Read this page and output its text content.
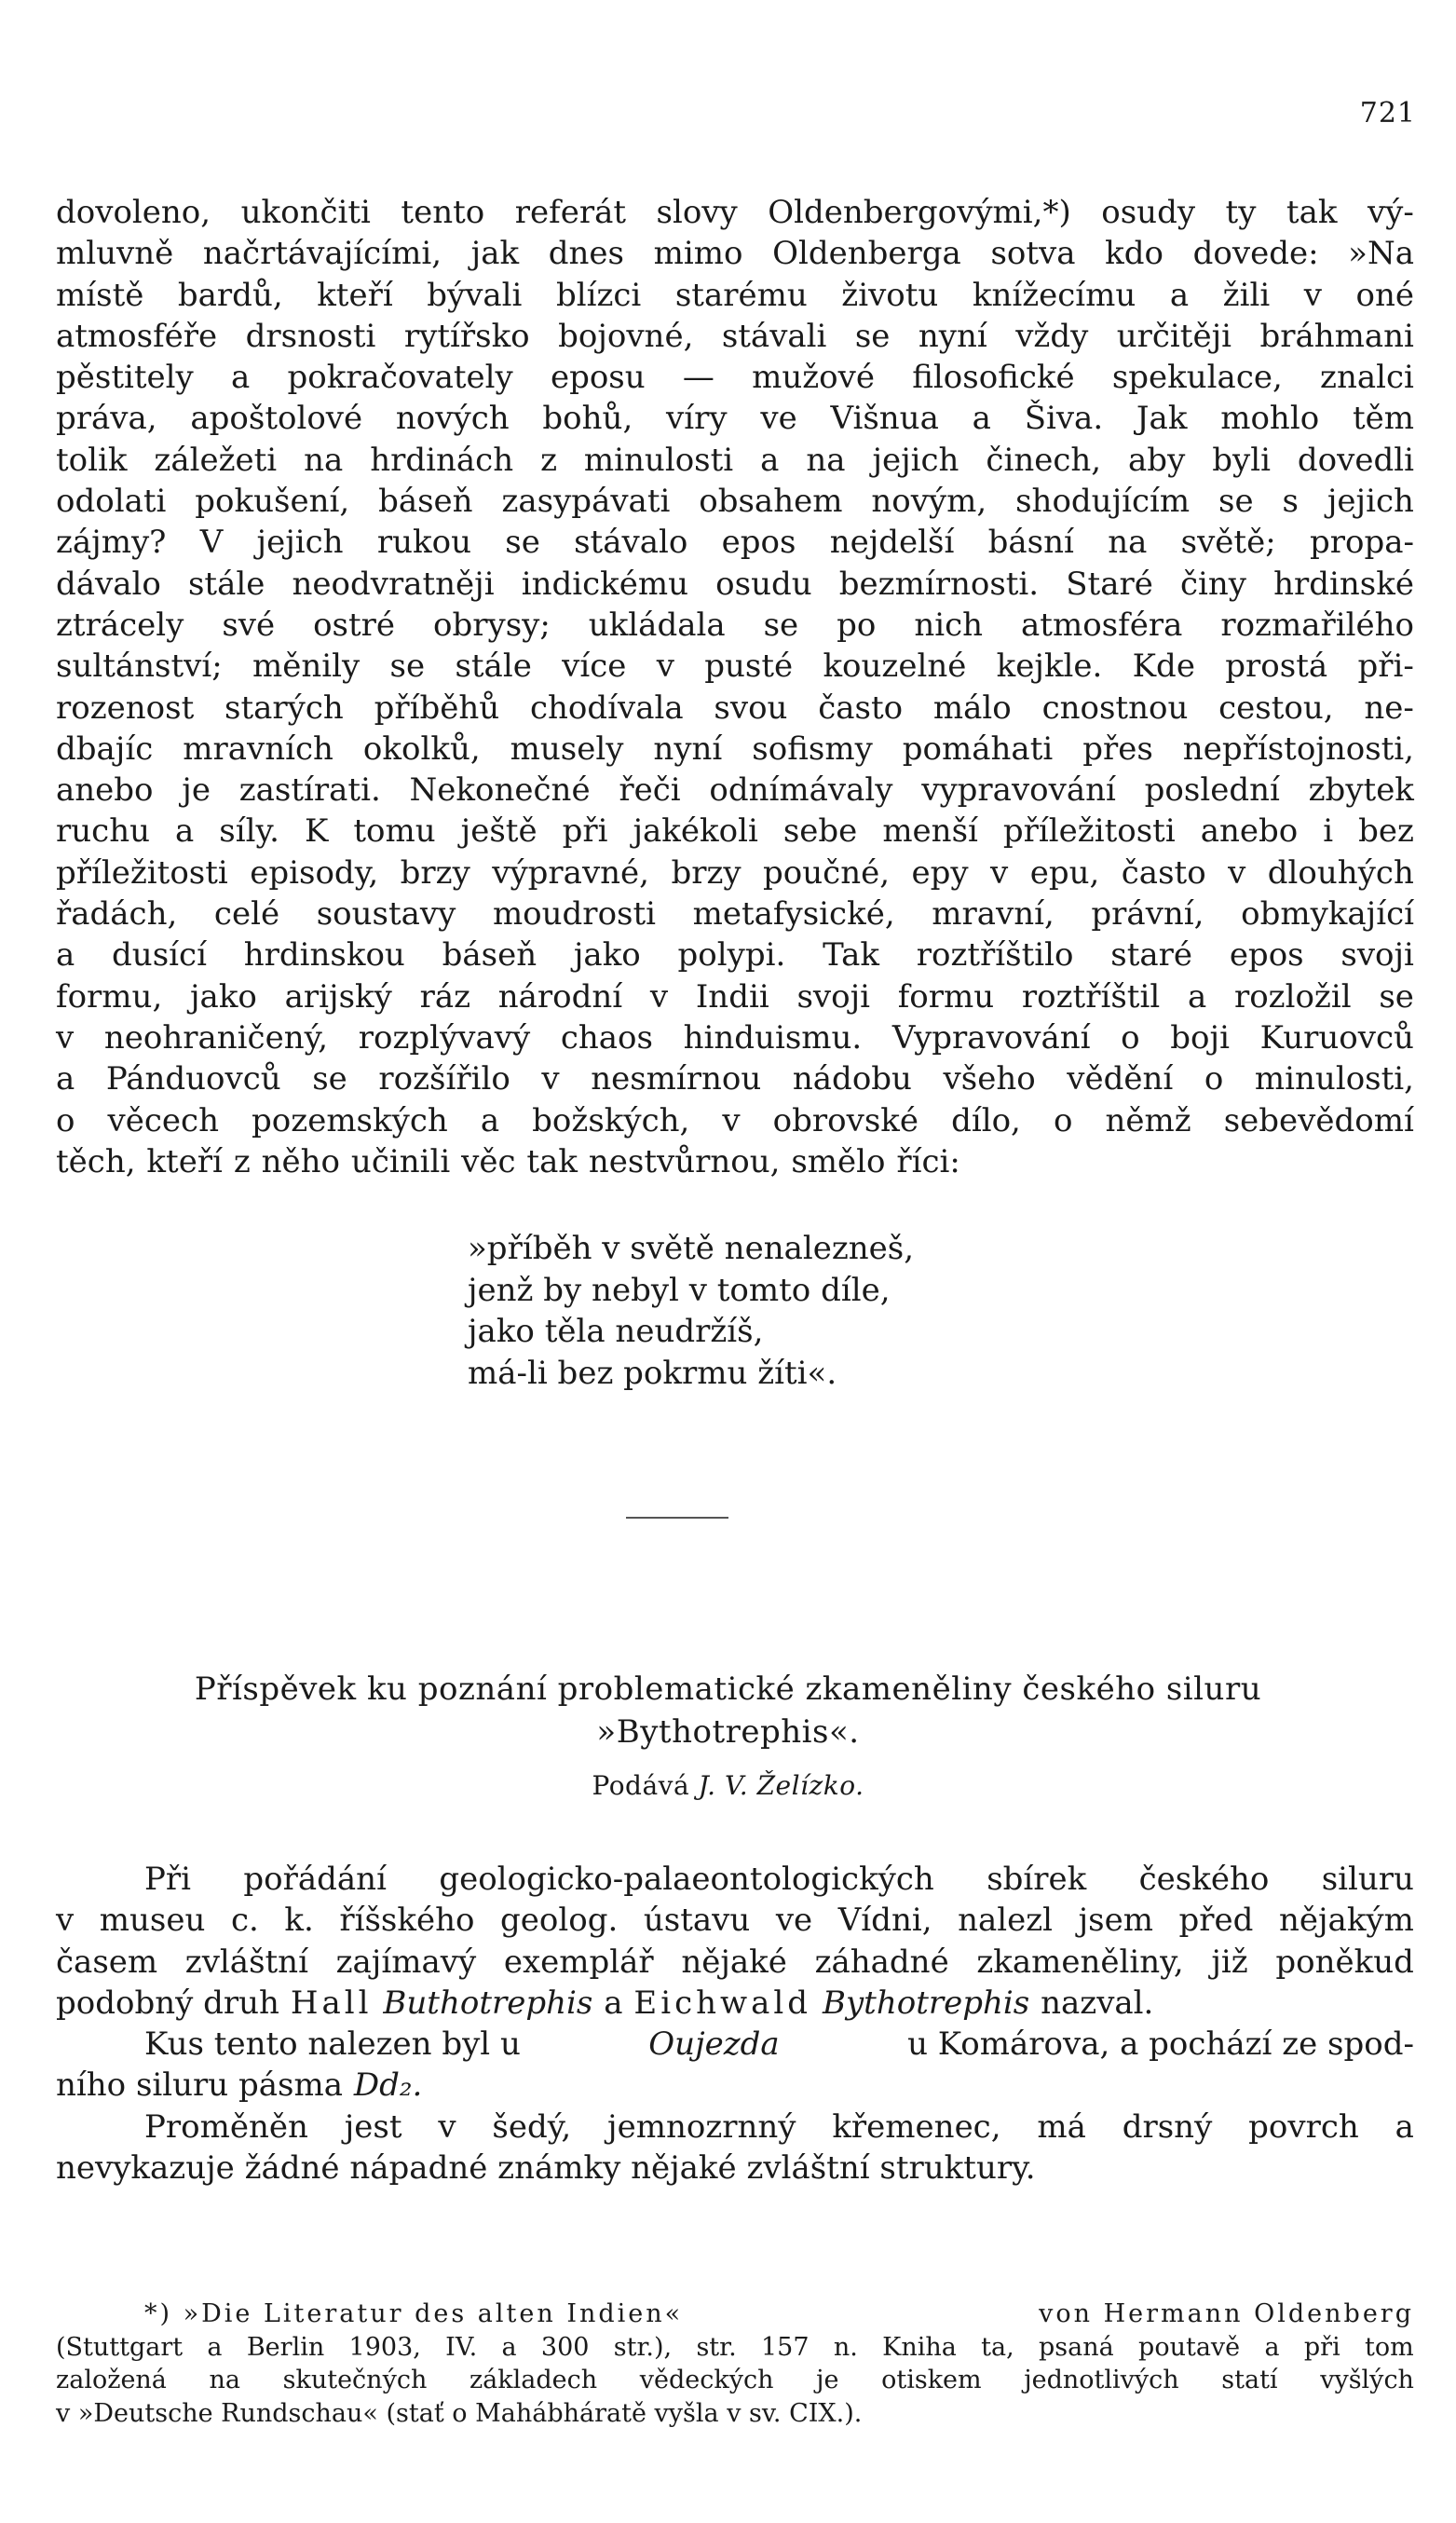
721
dovoleno, ukončiti tento referát slovy Oldenbergovými,*) osudy ty tak vý-
mluvně načrtávajícími, jak dnes mimo Oldenberga sotva kdo dovede: »Na
místě bardů, kteří bývali blízci starému životu knížecímu a žili v oné
atmosféře drsnosti rytířsko bojovné, stávali se nyní vždy určitěji bráhmani
pěstitely a pokračovately eposu — mužové filosofické spekulace, znalci
práva, apoštolové nových bohů, víry ve Višnua a Šiva. Jak mohlo těm
tolik záležeti na hrdinách z minulosti a na jejich činech, aby byli dovedli
odolati pokušení, báseň zasypávati obsahem novým, shodujícím se s jejich
zájmy? V jejich rukou se stávalo epos nejdelší básní na světě; propa-
dávalo stále neodvratněji indickému osudu bezmírnosti. Staré činy hrdinské
ztrácely své ostré obrysy; ukládala se po nich atmosféra rozmařilého
sultánství; měnily se stále více v pusté kouzelné kejkle. Kde prostá při-
rozenost starých příběhů chodívala svou často málo cnostnou cestou, ne-
dbajíc mravních okolků, musely nyní sofismy pomáhati přes nepřístojnosti,
anebo je zastírati. Nekonečné řeči odnímávaly vypravování poslední zbytek
ruchu a síly. K tomu ještě při jakékoli sebe menší příležitosti anebo i bez
příležitosti episody, brzy výpravné, brzy poučné, epy v epu, často v dlouhých
řadách, celé soustavy moudrosti metafysické, mravní, právní, obmykající
a dusící hrdinskou báseň jako polypi. Tak roztříštilo staré epos svoji
formu, jako arijský ráz národní v Indii svoji formu roztříštil a rozložil se
v neohraničený, rozplývavý chaos hinduismu. Vypravování o boji Kuruovců
a Pánduovců se rozšířilo v nesmírnou nádobu všeho vědění o minulosti,
o věcech pozemských a božských, v obrovské dílo, o němž sebevědomí
těch, kteří z něho učinili věc tak nestvůrnou, smělo říci:
»příběh v světě nenalezneš,
jenž by nebyl v tomto díle,
jako těla neudržíš,
má-li bez pokrmu žíti«.
Příspěvek ku poznání problematické zkameněliny českého siluru
»Bythotrephis«.
Podává J. V. Želízko.
Při pořádání geologicko-palaeontologických sbírek českého siluru
v museu c. k. říšského geolog. ústavu ve Vídni, nalezl jsem před nějakým
časem zvláštní zajímavý exemplář nějaké záhadné zkameněliny, již poněkud
podobný druh Hall Buthotrephis a Eichwald Bythotrephis nazval.
Kus tento nalezen byl u	Oujezda	u Komárova, a pochází ze spod-
ního siluru pásma Dd₂.
Proměněn jest v šedý, jemnozrnný křemenec, má drsný povrch a
nevykazuje žádné nápadné známky nějaké zvláštní struktury.
*) »Die Literatur des alten Indien«	von Hermann Oldenberg
(Stuttgart a Berlin 1903, IV. a 300 str.), str. 157 n. Kniha ta, psaná poutavě a při tom
založená na skutečných základech vědeckých je otiskem jednotlivých statí vyšlých
v »Deutsche Rundschau« (stať o Mahábháratě vyšla v sv. CIX.).
